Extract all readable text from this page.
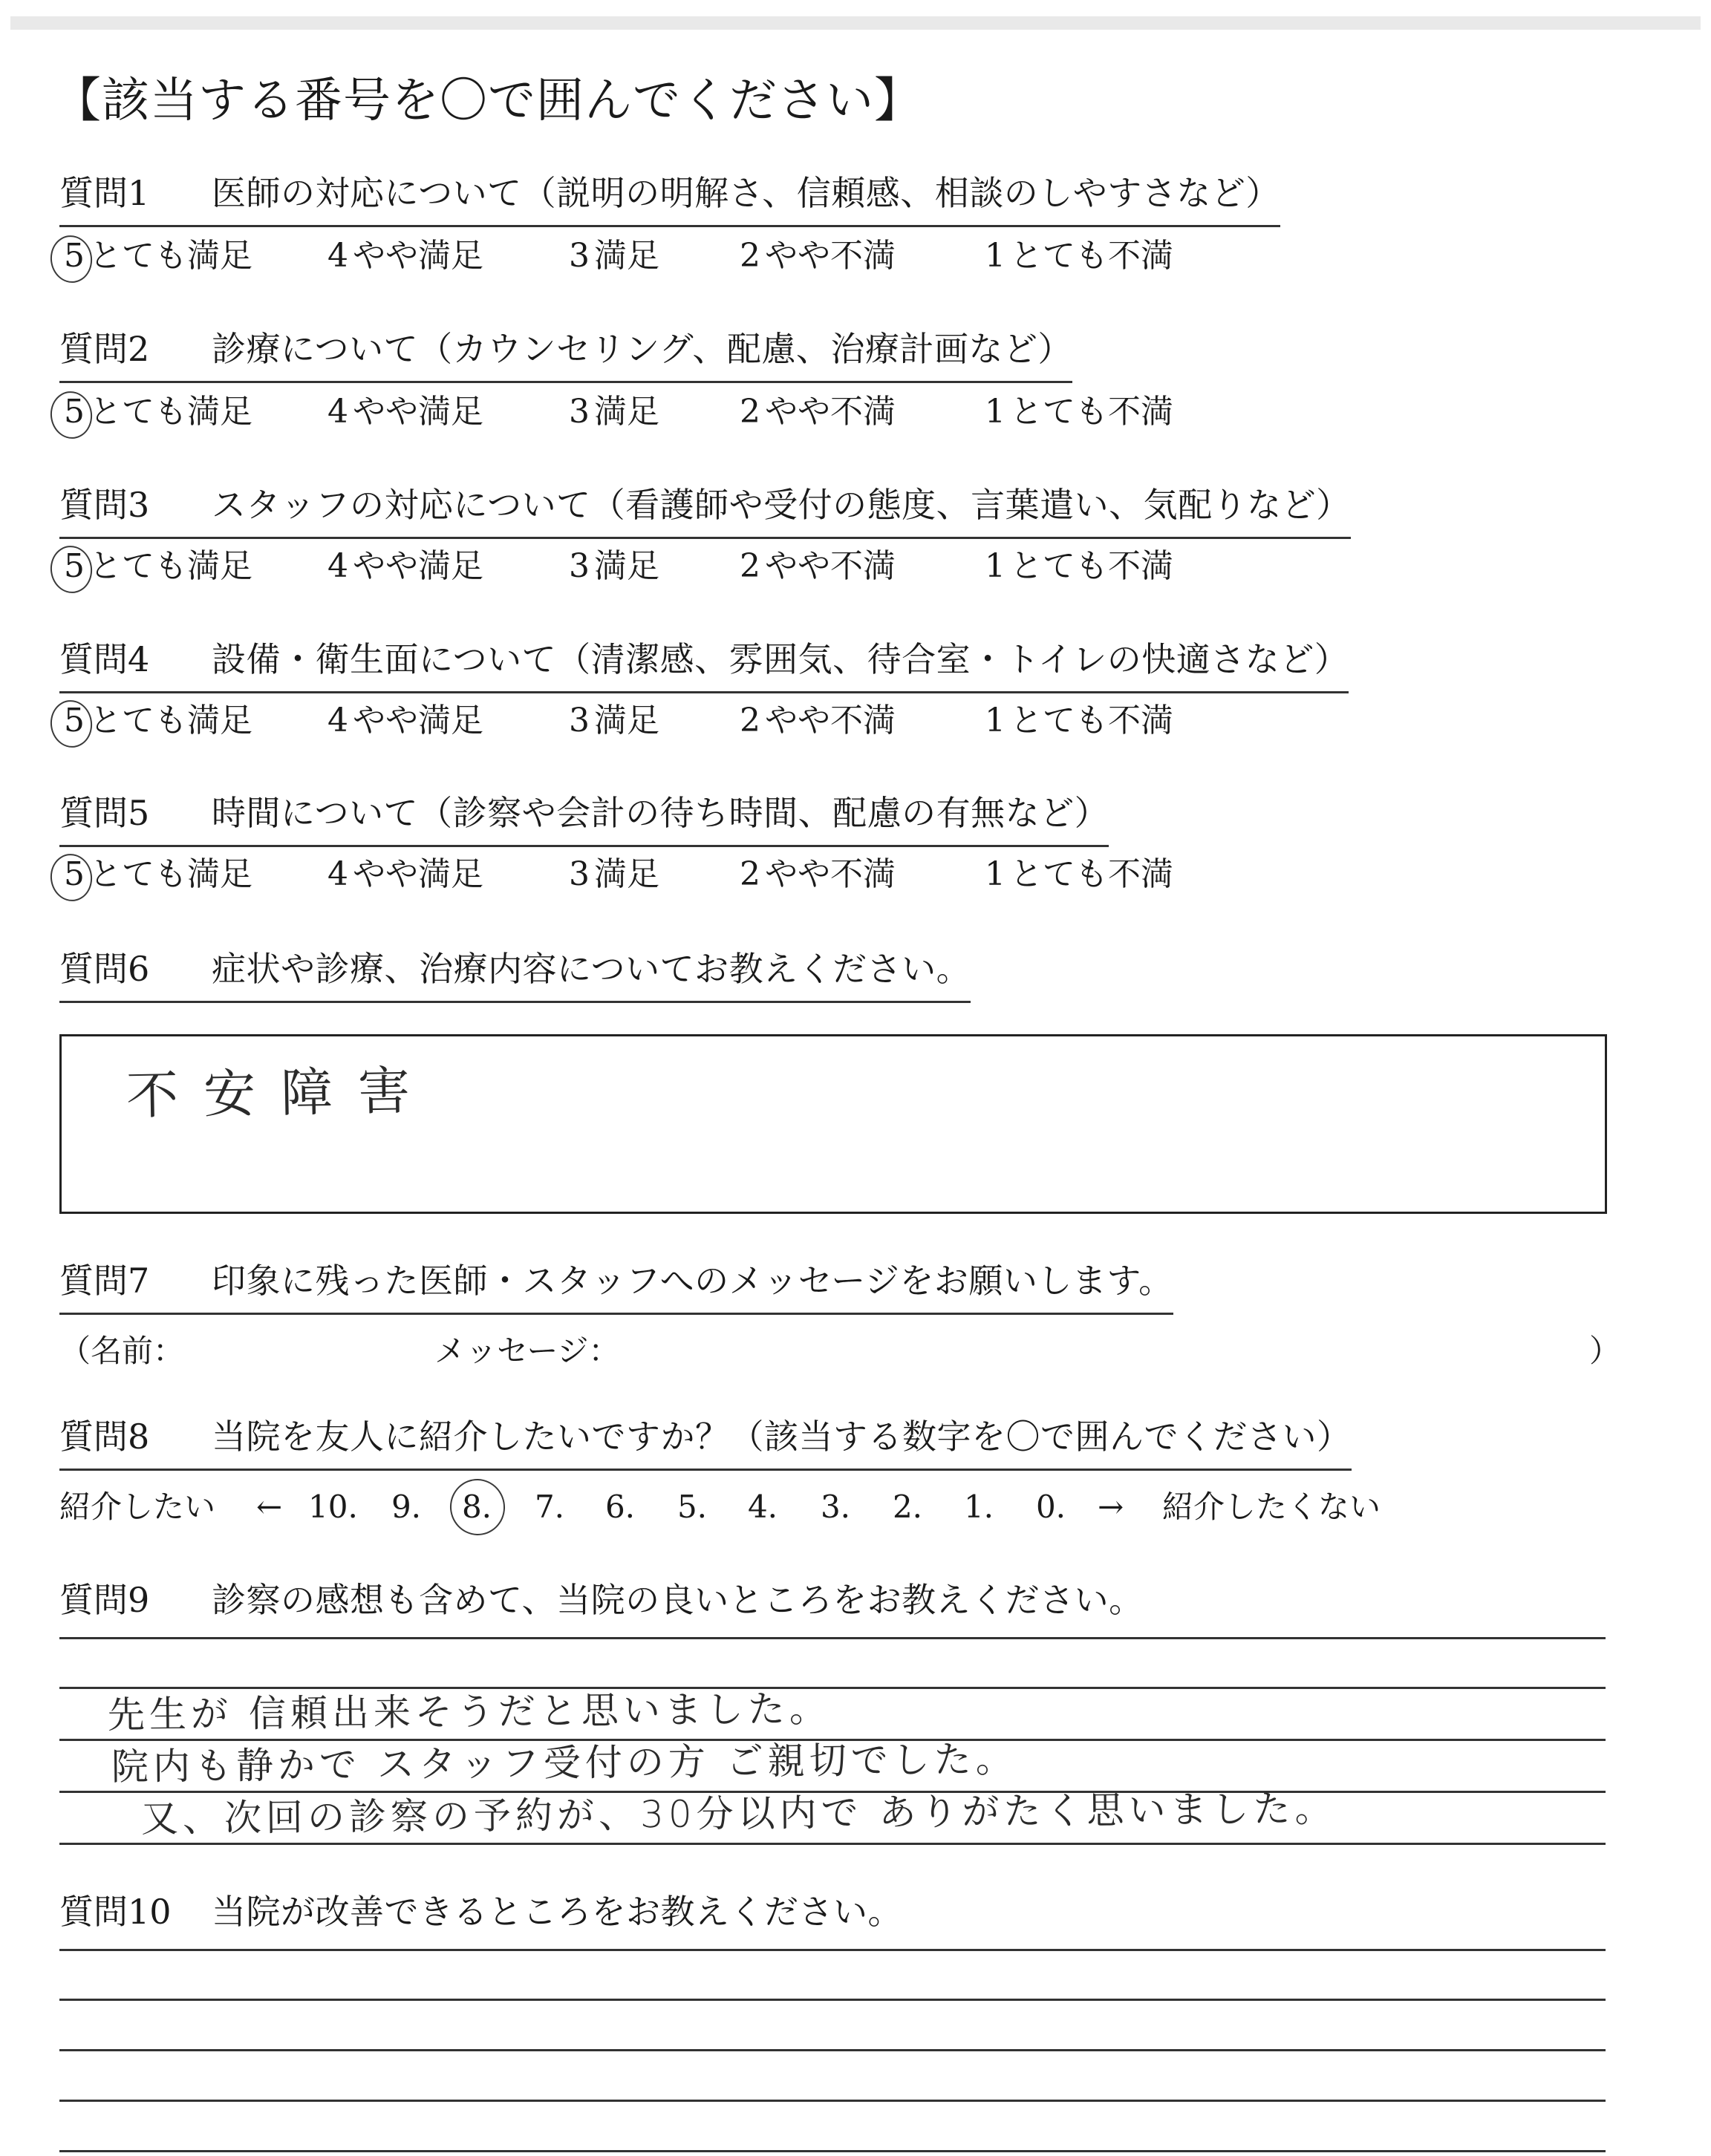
【該当する番号を〇で囲んでください】
質問1 医師の対応について（説明の明解さ、信頼感、相談のしやすさなど）
5 とても満足 4 やや満足	3 満足 2 やや不満	1 とても不満
質問2 診療について（カウンセリング、配慮、治療計画など）
5 とても満足 4 やや満足	3 満足 2 やや不満	1 とても不満
質問3 スタッフの対応について（看護師や受付の態度、言葉遣い、気配りなど）
5 とても満足 4 やや満足	3 満足 2 やや不満	1 とても不満
質問4 設備・衛生面について（清潔感、雰囲気、待合室・トイレの快適さなど）
5 とても満足 4 やや満足	3 満足 2 やや不満	1 とても不満
質問5 時間について（診察や会計の待ち時間、配慮の有無など）
5 とても満足 4 やや満足	3 満足 2 やや不満	1 とても不満
質問6 症状や診療、治療内容についてお教えください。
不安障害
質問7 印象に残った医師・スタッフへのメッセージをお願いします。
（名前：	メッセージ：	）
質問8 当院を友人に紹介したいですか？（該当する数字を〇で囲んでください）
紹介したい ← 10. 9. 8. 7. 6. 5. 4. 3. 2. 1. 0. → 紹介したくない
質問9 診察の感想も含めて、当院の良いところをお教えください。
先生が 信頼出来そうだと思いました。
院内も静かで スタッフ受付の方 ご親切でした。
又、次回の診察の予約が、30分以内で ありがたく思いました。
質問10 当院が改善できるところをお教えください。
